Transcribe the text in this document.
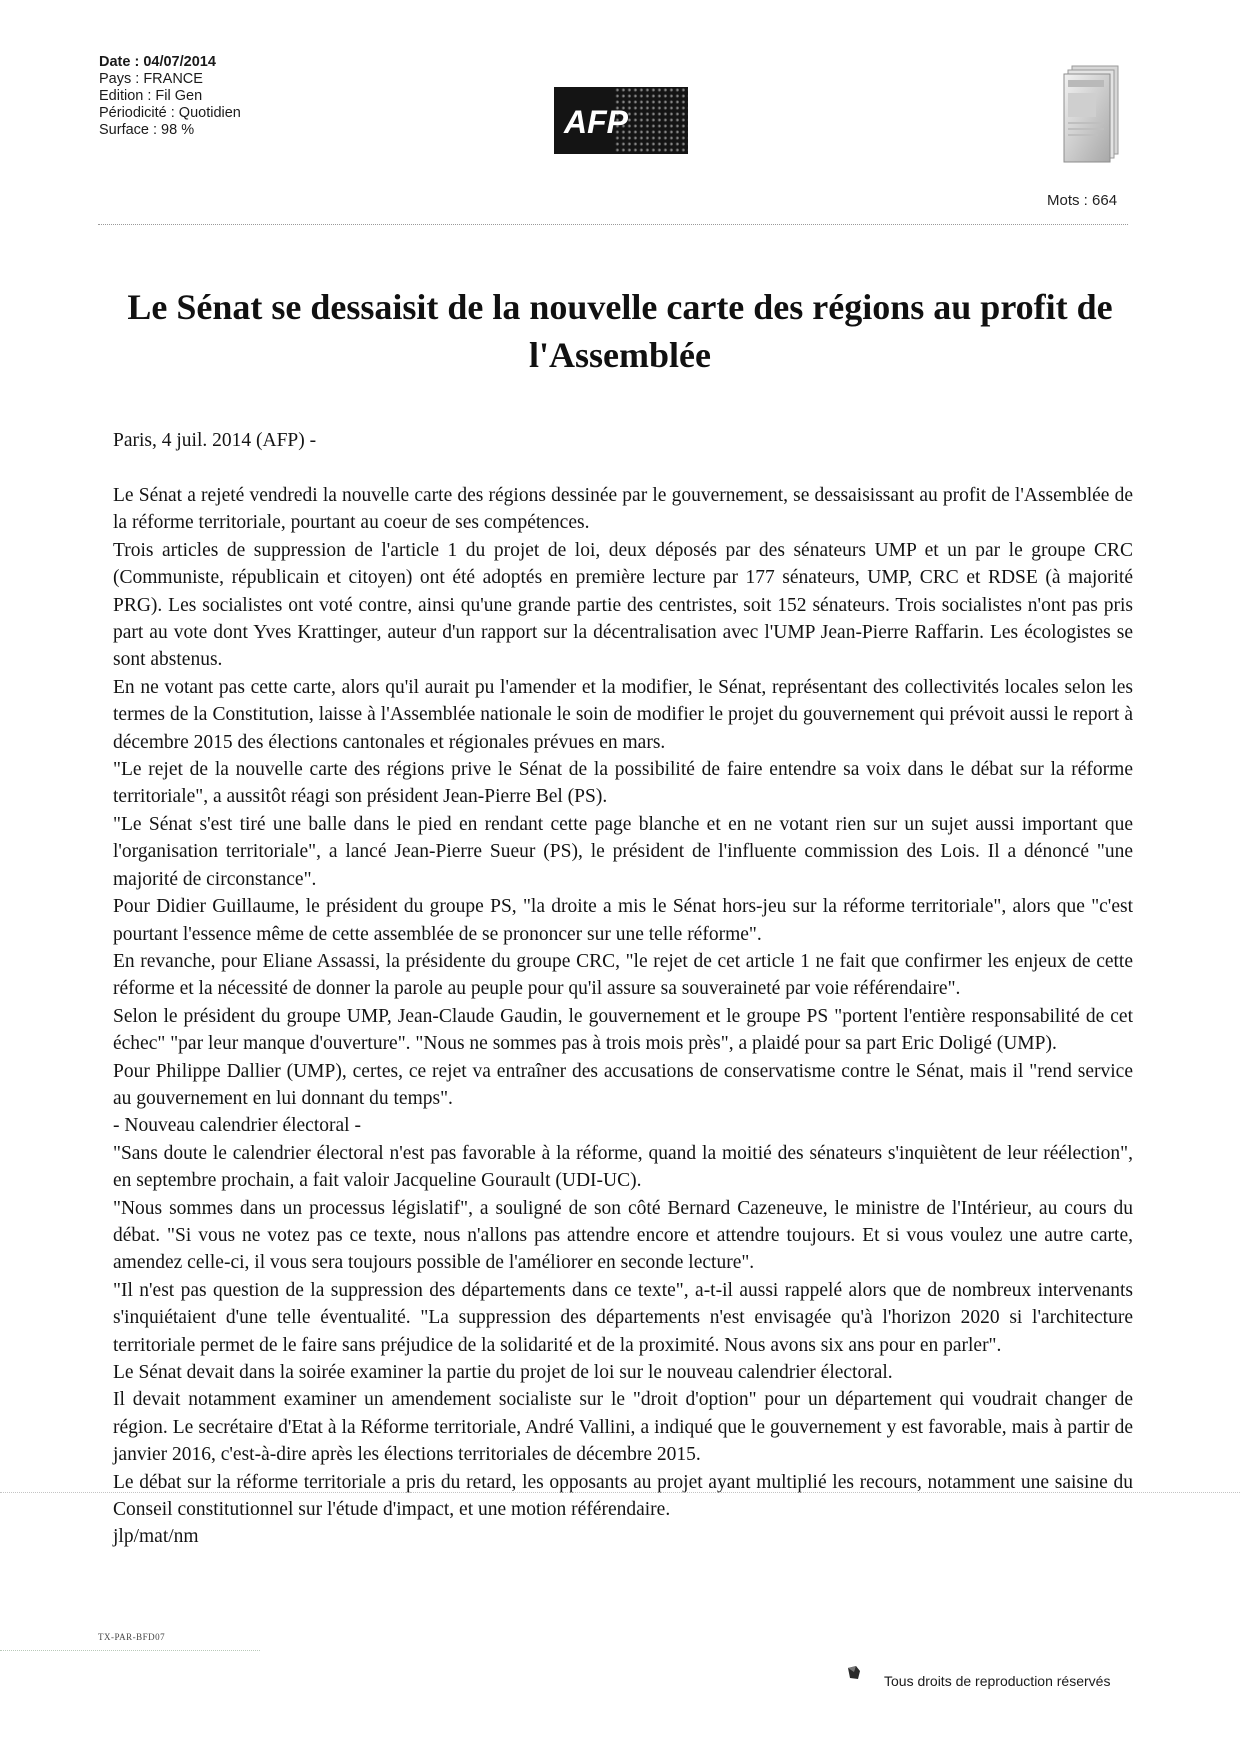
Date : 04/07/2014
Pays : FRANCE
Edition : Fil Gen
Périodicité : Quotidien
Surface : 98 %	AFP
Mots : 664
Le Sénat se dessaisit de la nouvelle carte des régions au profit de l'Assemblée

Paris, 4 juil. 2014 (AFP) -

Le Sénat a rejeté vendredi la nouvelle carte des régions dessinée par le gouvernement, se dessaisissant au profit de l'Assemblée de la réforme territoriale, pourtant au coeur de ses compétences.

Trois articles de suppression de l'article 1 du projet de loi, deux déposés par des sénateurs UMP et un par le groupe CRC (Communiste, républicain et citoyen) ont été adoptés en première lecture par 177 sénateurs, UMP, CRC et RDSE (à majorité PRG). Les socialistes ont voté contre, ainsi qu'une grande partie des centristes, soit 152 sénateurs. Trois socialistes n'ont pas pris part au vote dont Yves Krattinger, auteur d'un rapport sur la décentralisation avec l'UMP Jean-Pierre Raffarin. Les écologistes se sont abstenus.

En ne votant pas cette carte, alors qu'il aurait pu l'amender et la modifier, le Sénat, représentant des collectivités locales selon les termes de la Constitution, laisse à l'Assemblée nationale le soin de modifier le projet du gouvernement qui prévoit aussi le report à décembre 2015 des élections cantonales et régionales prévues en mars.

"Le rejet de la nouvelle carte des régions prive le Sénat de la possibilité de faire entendre sa voix dans le débat sur la réforme territoriale", a aussitôt réagi son président Jean-Pierre Bel (PS).

"Le Sénat s'est tiré une balle dans le pied en rendant cette page blanche et en ne votant rien sur un sujet aussi important que l'organisation territoriale", a lancé Jean-Pierre Sueur (PS), le président de l'influente commission des Lois. Il a dénoncé "une majorité de circonstance".

Pour Didier Guillaume, le président du groupe PS, "la droite a mis le Sénat hors-jeu sur la réforme territoriale", alors que "c'est pourtant l'essence même de cette assemblée de se prononcer sur une telle réforme".

En revanche, pour Eliane Assassi, la présidente du groupe CRC, "le rejet de cet article 1 ne fait que confirmer les enjeux de cette réforme et la nécessité de donner la parole au peuple pour qu'il assure sa souveraineté par voie référendaire".

Selon le président du groupe UMP, Jean-Claude Gaudin, le gouvernement et le groupe PS "portent l'entière responsabilité de cet échec" "par leur manque d'ouverture". "Nous ne sommes pas à trois mois près", a plaidé pour sa part Eric Doligé (UMP).

Pour Philippe Dallier (UMP), certes, ce rejet va entraîner des accusations de conservatisme contre le Sénat, mais il "rend service au gouvernement en lui donnant du temps".

- Nouveau calendrier électoral -

"Sans doute le calendrier électoral n'est pas favorable à la réforme, quand la moitié des sénateurs s'inquiètent de leur réélection", en septembre prochain, a fait valoir Jacqueline Gourault (UDI-UC).

"Nous sommes dans un processus législatif", a souligné de son côté Bernard Cazeneuve, le ministre de l'Intérieur, au cours du débat. "Si vous ne votez pas ce texte, nous n'allons pas attendre encore et attendre toujours. Et si vous voulez une autre carte, amendez celle-ci, il vous sera toujours possible de l'améliorer en seconde lecture".

"Il n'est pas question de la suppression des départements dans ce texte", a-t-il aussi rappelé alors que de nombreux intervenants s'inquiétaient d'une telle éventualité. "La suppression des départements n'est envisagée qu'à l'horizon 2020 si l'architecture territoriale permet de le faire sans préjudice de la solidarité et de la proximité. Nous avons six ans pour en parler".

Le Sénat devait dans la soirée examiner la partie du projet de loi sur le nouveau calendrier électoral.

Il devait notamment examiner un amendement socialiste sur le "droit d'option" pour un département qui voudrait changer de région. Le secrétaire d'Etat à la Réforme territoriale, André Vallini, a indiqué que le gouvernement y est favorable, mais à partir de janvier 2016, c'est-à-dire après les élections territoriales de décembre 2015.

Le débat sur la réforme territoriale a pris du retard, les opposants au projet ayant multiplié les recours, notamment une saisine du Conseil constitutionnel sur l'étude d'impact, et une motion référendaire.

jlp/mat/nm

TX-PAR-BFD07
Tous droits de reproduction réservés
